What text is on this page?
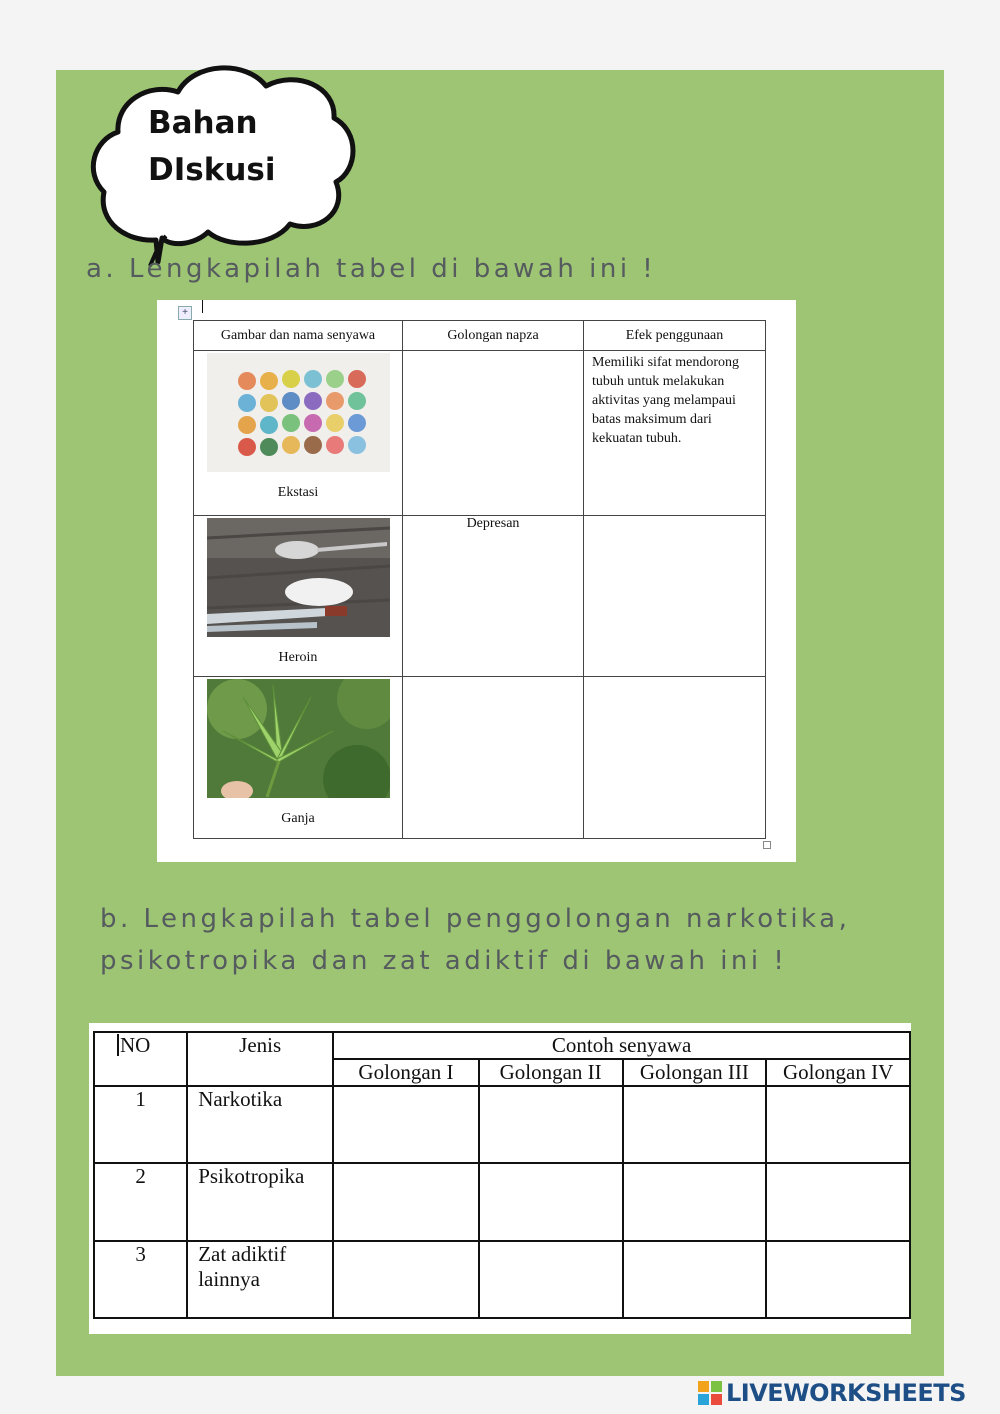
Bahan
DIskusi
a. Lengkapilah tabel di bawah ini !
+
Gambar dan nama senyawa	Golongan napza	Efek penggunaan

Ekstasi		Memiliki sifat mendorong tubuh untuk melakukan aktivitas yang melampaui batas maksimum dari kekuatan tubuh.

Heroin	Depresan	

Ganja		

b. Lengkapilah tabel penggolongan narkotika, psikotropika dan zat adiktif di bawah ini !
NO	Jenis	Contoh senyawa			
		Golongan I	Golongan II	Golongan III	Golongan IV
1	Narkotika				
2	Psikotropika				
3	Zat adiktif lainnya				
LIVEWORKSHEETS
